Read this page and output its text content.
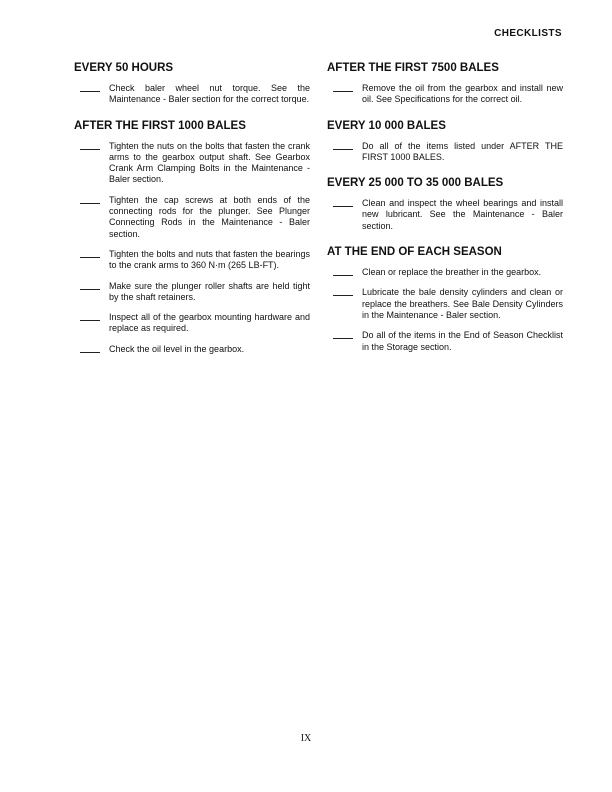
CHECKLISTS
EVERY 50 HOURS
Check baler wheel nut torque. See the Maintenance - Baler section for the correct torque.
AFTER THE FIRST 1000 BALES
Tighten the nuts on the bolts that fasten the crank arms to the gearbox output shaft. See Gearbox Crank Arm Clamping Bolts in the Maintenance - Baler section.
Tighten the cap screws at both ends of the connecting rods for the plunger. See Plunger Connecting Rods in the Maintenance - Baler section.
Tighten the bolts and nuts that fasten the bearings to the crank arms to 360 N·m (265 LB-FT).
Make sure the plunger roller shafts are held tight by the shaft retainers.
Inspect all of the gearbox mounting hardware and replace as required.
Check the oil level in the gearbox.
AFTER THE FIRST 7500 BALES
Remove the oil from the gearbox and install new oil. See Specifications for the correct oil.
EVERY 10 000 BALES
Do all of the items listed under AFTER THE FIRST 1000 BALES.
EVERY 25 000 TO 35 000 BALES
Clean and inspect the wheel bearings and install new lubricant. See the Maintenance - Baler section.
AT THE END OF EACH SEASON
Clean or replace the breather in the gearbox.
Lubricate the bale density cylinders and clean or replace the breathers. See Bale Density Cylinders in the Maintenance - Baler section.
Do all of the items in the End of Season Checklist in the Storage section.
IX
